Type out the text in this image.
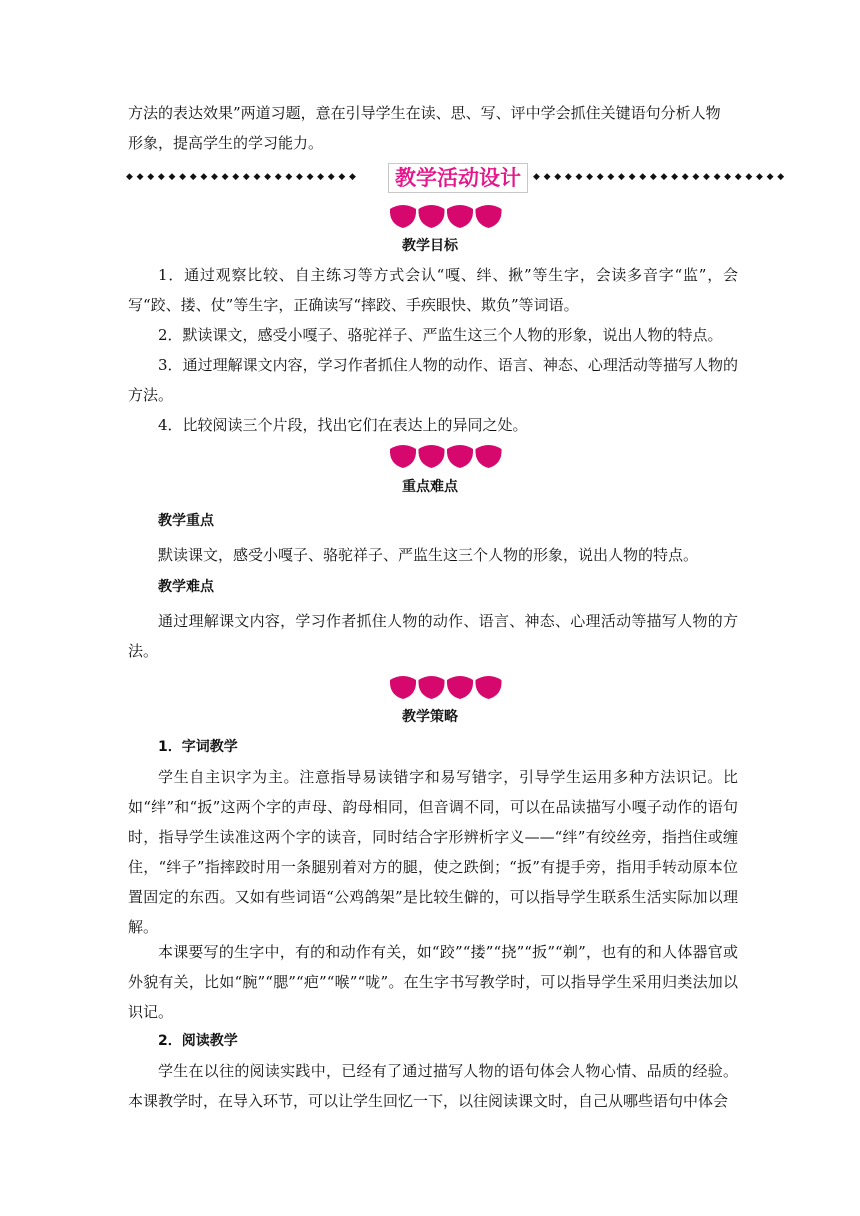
方法的表达效果”两道习题，意在引导学生在读、思、写、评中学会抓住关键语句分析人物
形象，提高学生的学习能力。

◆◆◆◆◆◆◆◆◆◆◆◆◆◆◆◆◆◆◆◆◆◆	教学活动设计	◆◆◆◆◆◆◆◆◆◆◆◆◆◆◆◆◆◆◆◆◆◆◆◆

教学目标

1．通过观察比较、自主练习等方式会认“嘎、绊、揪”等生字，会读多音字“监”，会写“跤、搂、仗”等生字，正确读写“摔跤、手疾眼快、欺负”等词语。

2．默读课文，感受小嘎子、骆驼祥子、严监生这三个人物的形象，说出人物的特点。

3．通过理解课文内容，学习作者抓住人物的动作、语言、神态、心理活动等描写人物的方法。

4．比较阅读三个片段，找出它们在表达上的异同之处。

重点难点

教学重点

默读课文，感受小嘎子、骆驼祥子、严监生这三个人物的形象，说出人物的特点。

教学难点

通过理解课文内容，学习作者抓住人物的动作、语言、神态、心理活动等描写人物的方法。

教学策略

1．字词教学

学生自主识字为主。注意指导易读错字和易写错字，引导学生运用多种方法识记。比如“绊”和“扳”这两个字的声母、韵母相同，但音调不同，可以在品读描写小嘎子动作的语句时，指导学生读准这两个字的读音，同时结合字形辨析字义——“绊”有绞丝旁，指挡住或缠住，“绊子”指摔跤时用一条腿别着对方的腿，使之跌倒；“扳”有提手旁，指用手转动原本位置固定的东西。又如有些词语“公鸡鸽架”是比较生僻的，可以指导学生联系生活实际加以理解。

本课要写的生字中，有的和动作有关，如“跤”“搂”“挠”“扳”“剃”，也有的和人体器官或外貌有关，比如“腕”“腮”“疤”“喉”“咙”。在生字书写教学时，可以指导学生采用归类法加以识记。

2．阅读教学

学生在以往的阅读实践中，已经有了通过描写人物的语句体会人物心情、品质的经验。本课教学时，在导入环节，可以让学生回忆一下，以往阅读课文时，自己从哪些语句中体会
